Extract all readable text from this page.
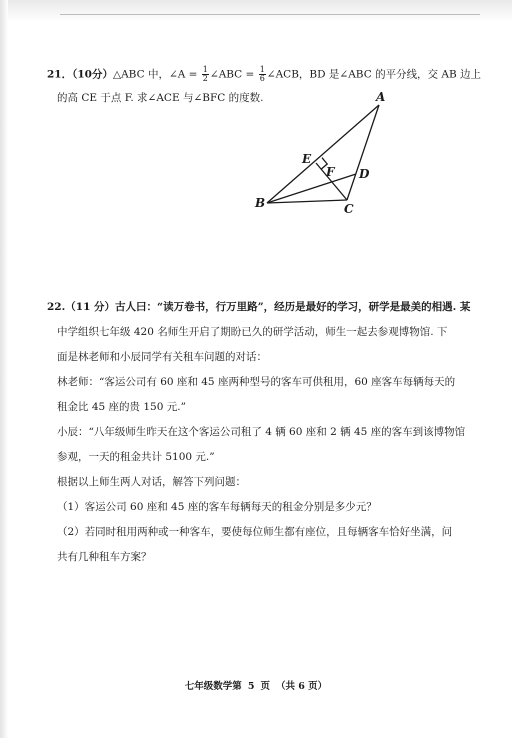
21．（10分）△ABC 中，∠A = $\frac{1}{2}$ ∠ABC = $\frac{1}{6}$ ∠ACB，BD 是∠ABC 的平分线，交 AB 边上
的高 CE 于点 F. 求∠ACE 与∠BFC 的度数.	A
B	C
D
E
F
22.（11 分）古人曰：“读万卷书，行万里路”，经历是最好的学习，研学是最美的相遇. 某
中学组织七年级 420 名师生开启了期盼已久的研学活动，师生一起去参观博物馆. 下
面是林老师和小辰同学有关租车问题的对话：
林老师：“客运公司有 60 座和 45 座两种型号的客车可供租用，60 座客车每辆每天的
租金比 45 座的贵 150 元.”
小辰：“八年级师生昨天在这个客运公司租了 4 辆 60 座和 2 辆 45 座的客车到该博物馆
参观，一天的租金共计 5100 元.”
根据以上师生两人对话，解答下列问题：
（1）客运公司 60 座和 45 座的客车每辆每天的租金分别是多少元？
（2）若同时租用两种或一种客车，要使每位师生都有座位，且每辆客车恰好坐满，问
共有几种租车方案？
七年级数学第 5 页 （共 6 页）
